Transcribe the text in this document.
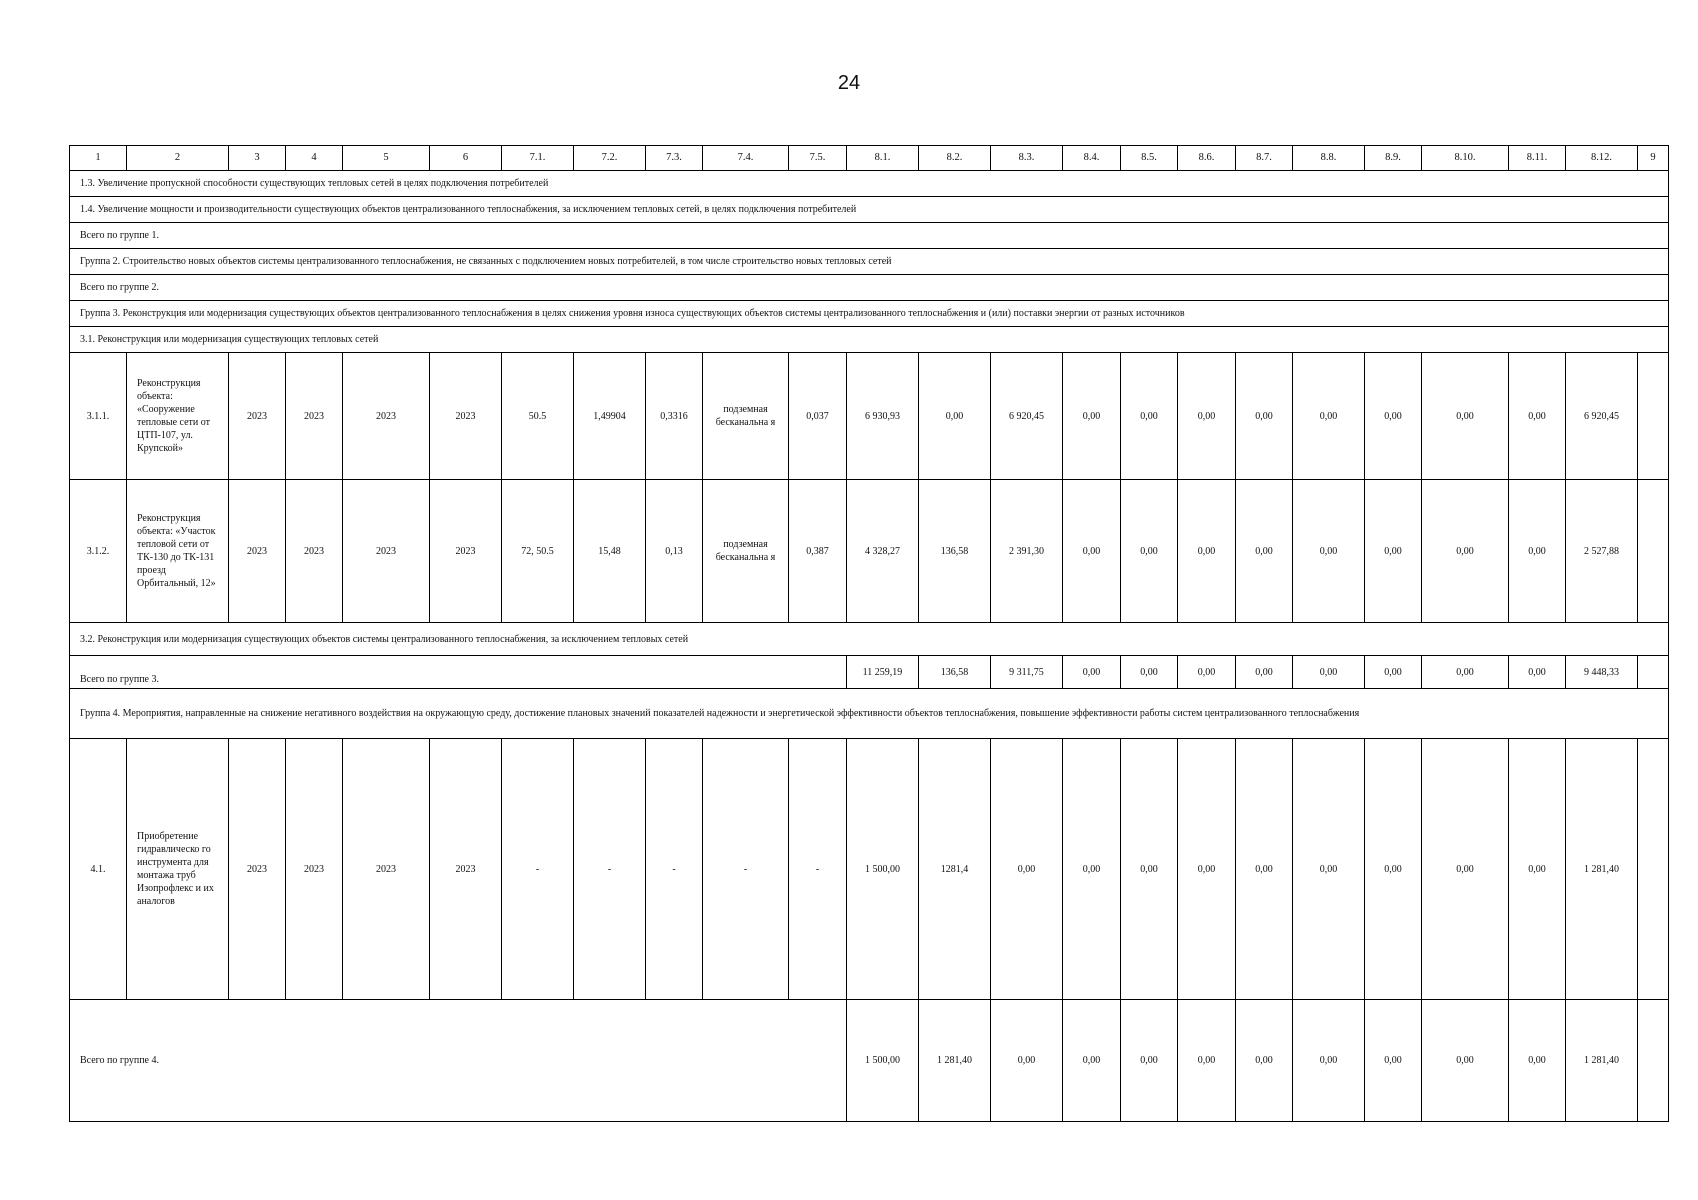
24
1	2	3	4	5	6	7.1.	7.2.	7.3.	7.4.	7.5.	8.1.	8.2.	8.3.	8.4.	8.5.	8.6.	8.7.	8.8.	8.9.	8.10.	8.11.	8.12.	9
1.3. Увеличение пропускной способности существующих тепловых сетей в целях подключения потребителей																							
1.4. Увеличение мощности и производительности существующих объектов централизованного теплоснабжения, за исключением тепловых сетей, в целях подключения потребителей																							
Всего по группе 1.																							
Группа 2. Строительство новых объектов системы централизованного теплоснабжения, не связанных с подключением новых потребителей, в том числе строительство новых тепловых сетей																							
Всего по группе 2.																							
Группа 3. Реконструкция или модернизация существующих объектов централизованного теплоснабжения в целях снижения уровня износа существующих объектов системы централизованного теплоснабжения и (или) поставки энергии от разных источников																							
3.1. Реконструкция или модернизация существующих тепловых сетей																							
3.1.1.	Реконструкция объекта: «Сооружение тепловые сети от ЦТП-107, ул. Крупской»	2023	2023	2023	2023	50.5	1,49904	0,3316	подземная бесканальна я	0,037	6 930,93	0,00	6 920,45	0,00	0,00	0,00	0,00	0,00	0,00	0,00	0,00	6 920,45	
3.1.2.	Реконструкция объекта: «Участок тепловой сети от ТК-130 до ТК-131 проезд Орбитальный, 12»	2023	2023	2023	2023	72, 50.5	15,48	0,13	подземная бесканальна я	0,387	4 328,27	136,58	2 391,30	0,00	0,00	0,00	0,00	0,00	0,00	0,00	0,00	2 527,88	
3.2. Реконструкция или модернизация существующих объектов системы централизованного теплоснабжения, за исключением тепловых сетей																							
Всего по группе 3.											11 259,19	136,58	9 311,75	0,00	0,00	0,00	0,00	0,00	0,00	0,00	0,00	9 448,33	
Группа 4. Мероприятия, направленные на снижение негативного воздействия на окружающую среду, достижение плановых значений показателей надежности и энергетической эффективности объектов теплоснабжения, повышение эффективности работы систем централизованного теплоснабжения																							
4.1.	Приобретение гидравлическо го инструмента для монтажа труб Изопрофлекс и их аналогов	2023	2023	2023	2023	-	-	-	-	-	1 500,00	1281,4	0,00	0,00	0,00	0,00	0,00	0,00	0,00	0,00	0,00	1 281,40	
Всего по группе 4.											1 500,00	1 281,40	0,00	0,00	0,00	0,00	0,00	0,00	0,00	0,00	0,00	1 281,40	
